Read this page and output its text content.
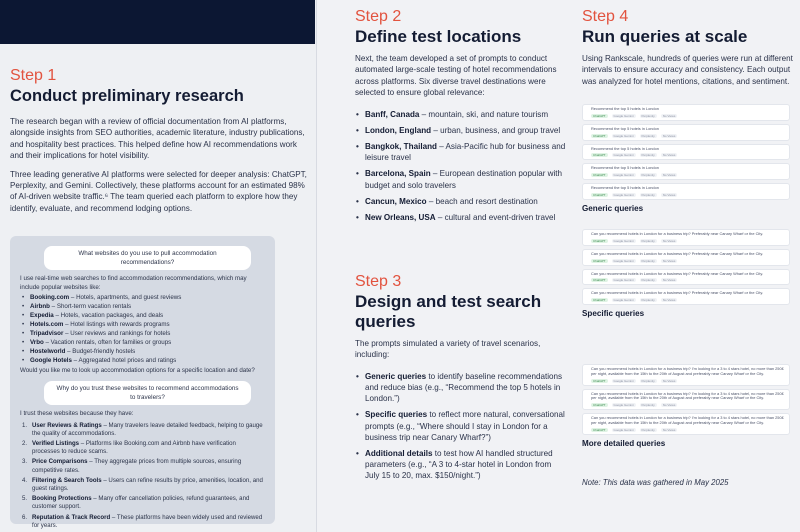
Step 1
Conduct preliminary research

The research began with a review of official documentation from AI platforms, alongside insights from SEO authorities, academic literature, industry publications, and hospitality best practices. This helped define how AI recommendations work and their implications for hotel visibility.

Three leading generative AI platforms were selected for deeper analysis: ChatGPT, Perplexity, and Gemini. Collectively, these platforms account for an estimated 98% of AI-driven website traffic.⁶ The team queried each platform to explore how they identify, evaluate, and recommend lodging options.

What websites do you use to pull accommodation recommendations?

I use real-time web searches to find accommodation recommendations, which may include popular websites like:

• Booking.com – Hotels, apartments, and guest reviews
• Airbnb – Short-term vacation rentals
• Expedia – Hotels, vacation packages, and deals
• Hotels.com – Hotel listings with rewards programs
• Tripadvisor – User reviews and rankings for hotels
• Vrbo – Vacation rentals, often for families or groups
• Hostelworld – Budget-friendly hostels
• Google Hotels – Aggregated hotel prices and ratings

Would you like me to look up accommodation options for a specific location and date?

Why do you trust these websites to recommend accommodations to travelers?

I trust these websites because they have:

1. User Reviews & Ratings – Many travelers leave detailed feedback, helping to gauge the quality of accommodations.
2. Verified Listings – Platforms like Booking.com and Airbnb have verification processes to reduce scams.
3. Price Comparisons – They aggregate prices from multiple sources, ensuring competitive rates.
4. Filtering & Search Tools – Users can refine results by price, amenities, location, and guest ratings.
5. Booking Protections – Many offer cancellation policies, refund guarantees, and customer support.
6. Reputation & Track Record – These platforms have been widely used and reviewed for years.
Step 2
Define test locations

Next, the team developed a set of prompts to conduct automated large-scale testing of hotel recommendations across platforms. Six diverse travel destinations were selected to ensure global relevance:

• Banff, Canada – mountain, ski, and nature tourism
• London, England – urban, business, and group travel
• Bangkok, Thailand – Asia-Pacific hub for business and leisure travel
• Barcelona, Spain – European destination popular with budget and solo travelers
• Cancun, Mexico – beach and resort destination
• New Orleans, USA – cultural and event-driven travel
Step 3
Design and test search queries

The prompts simulated a variety of travel scenarios, including:

• Generic queries to identify baseline recommendations and reduce bias (e.g., “Recommend the top 5 hotels in London.”)
• Specific queries to reflect more natural, conversational prompts (e.g., “Where should I stay in London for a business trip near Canary Wharf?”)
• Additional details to test how AI handled structured parameters (e.g., “A 3 to 4-star hotel in London from July 15 to 20, max. $150/night.”)
Step 4
Run queries at scale

Using Rankscale, hundreds of queries were run at different intervals to ensure accuracy and consistency. Each output was analyzed for hotel mentions, citations, and sentiment.

Recommend the top 5 hotels in London
ChatGPT	Google Gemini	Perplexity	No Views
Recommend the top 5 hotels in London
ChatGPT	Google Gemini	Perplexity	No Views
Recommend the top 5 hotels in London
ChatGPT	Google Gemini	Perplexity	No Views
Recommend the top 5 hotels in London
ChatGPT	Google Gemini	Perplexity	No Views
Recommend the top 5 hotels in London
ChatGPT	Google Gemini	Perplexity	No Views
Generic queries
Can you recommend hotels in London for a business trip? Preferably near Canary Wharf or the City.
ChatGPT	Google Gemini	Perplexity	No Views
Can you recommend hotels in London for a business trip? Preferably near Canary Wharf or the City.
ChatGPT	Google Gemini	Perplexity	No Views
Can you recommend hotels in London for a business trip? Preferably near Canary Wharf or the City.
ChatGPT	Google Gemini	Perplexity	No Views
Can you recommend hotels in London for a business trip? Preferably near Canary Wharf or the City.
ChatGPT	Google Gemini	Perplexity	No Views
Specific queries
Can you recommend hotels in London for a business trip? I'm looking for a 3 to 4 stars hotel, no more than 250£ per night, available from the 15th to the 20th of August and preferably near Canary Wharf or the City.
ChatGPT	Google Gemini	Perplexity	No Views
Can you recommend hotels in London for a business trip? I'm looking for a 3 to 4 stars hotel, no more than 250£ per night, available from the 15th to the 20th of August and preferably near Canary Wharf or the City.
ChatGPT	Google Gemini	Perplexity	No Views
Can you recommend hotels in London for a business trip? I'm looking for a 3 to 4 stars hotel, no more than 250£ per night, available from the 15th to the 20th of August and preferably near Canary Wharf or the City.
ChatGPT	Google Gemini	Perplexity	No Views
More detailed queries
Note: This data was gathered in May 2025
